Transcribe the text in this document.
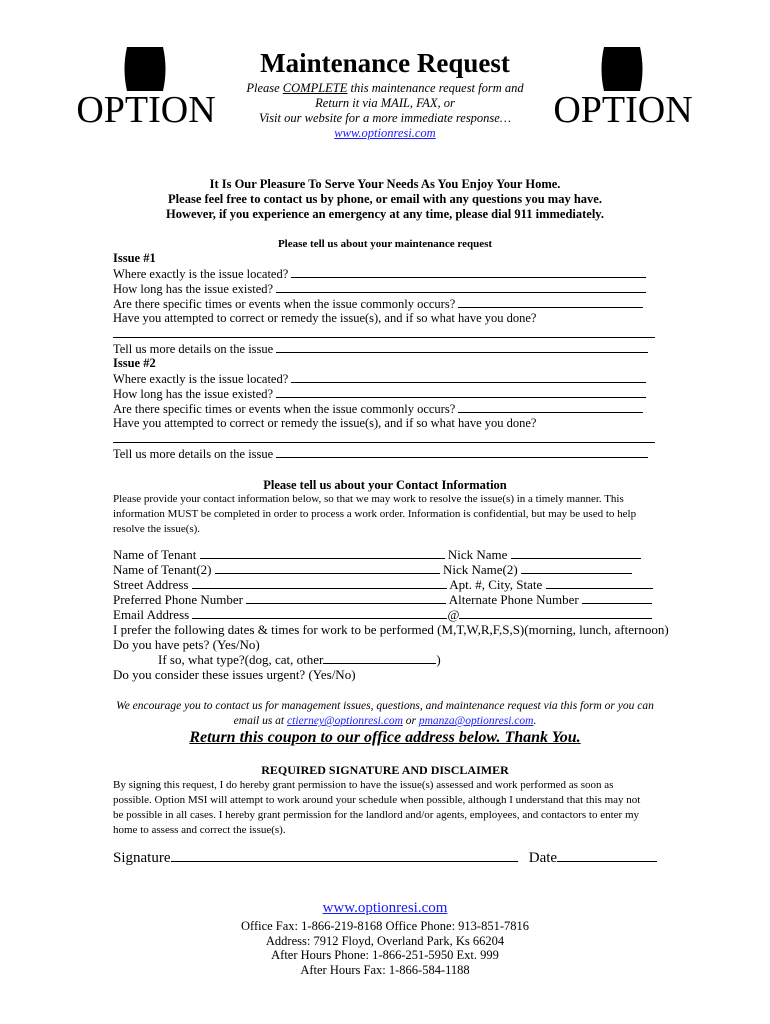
OPTION	OPTION
Maintenance Request
Please COMPLETE this maintenance request form and
Return it via MAIL, FAX, or
Visit our website for a more immediate response…
www.optionresi.com
It Is Our Pleasure To Serve Your Needs As You Enjoy Your Home.
Please feel free to contact us by phone, or email with any questions you may have.
However, if you experience an emergency at any time, please dial 911 immediately.
Please tell us about your maintenance request
Issue #1
Where exactly is the issue located?
How long has the issue existed?
Are there specific times or events when the issue commonly occurs?
Have you attempted to correct or remedy the issue(s), and if so what have you done?
Tell us more details on the issue
Issue #2
Where exactly is the issue located?
How long has the issue existed?
Are there specific times or events when the issue commonly occurs?
Have you attempted to correct or remedy the issue(s), and if so what have you done?
Tell us more details on the issue
Please tell us about your Contact Information
Please provide your contact information below, so that we may work to resolve the issue(s) in a timely manner. This information MUST be completed in order to process a work order. Information is confidential, but may be used to help resolve the issue(s).
Name of Tenant	Nick Name
Name of Tenant(2)	Nick Name(2)
Street Address	Apt. #, City, State
Preferred Phone Number	Alternate Phone Number
Email Address	@
I prefer the following dates & times for work to be performed (M,T,W,R,F,S,S)(morning, lunch, afternoon)
Do you have pets? (Yes/No)
If so, what type?(dog, cat, other	)
Do you consider these issues urgent? (Yes/No)
We encourage you to contact us for management issues, questions, and maintenance request via this form or you can
email us at ctierney@optionresi.com or pmanza@optionresi.com.
Return this coupon to our office address below. Thank You.
REQUIRED SIGNATURE AND DISCLAIMER
By signing this request, I do hereby grant permission to have the issue(s) assessed and work performed as soon as possible. Option MSI will attempt to work around your schedule when possible, although I understand that this may not be possible in all cases. I hereby grant permission for the landlord and/or agents, employees, and contactors to enter my home to assess and correct the issue(s).
Signature	Date
www.optionresi.com
Office Fax: 1-866-219-8168 Office Phone: 913-851-7816
Address: 7912 Floyd, Overland Park, Ks 66204
After Hours Phone: 1-866-251-5950 Ext. 999
After Hours Fax: 1-866-584-1188
